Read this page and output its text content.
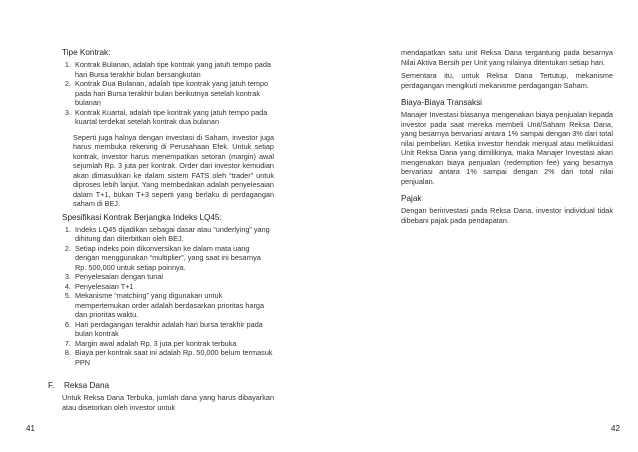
Tipe Kontrak:
1. Kontrak Bulanan, adalah tipe kontrak yang jatuh tempo pada hari Bursa terakhir bulan bersangkutan
2. Kontrak Dua Bulanan, adalah tipe kontrak yang jatuh tempo pada hari Bursa terakhir bulan berikutnya setelah kontrak bulanan
3. Kontrak Kuartal, adalah tipe kontrak yang jatuh tempo pada kuartal terdekat setelah kontrak dua bulanan
Seperti juga halnya dengan investasi di Saham, investor juga harus membuka rekening di Perusahaan Efek. Untuk setiap kontrak, investor harus menempatkan setoran (margin) awal sejumlah Rp. 3 juta per kontrak. Order dari investor kemudian akan dimasukkan ke dalam sistem FATS oleh “trader” untuk diproses lebih lanjut. Yang membedakan adalah penyelesaian dalam T+1, bukan T+3 seperti yang berlaku di perdagangan saham di BEJ.
Spesifikasi Kontrak Berjangka Indeks LQ45:
1. Indeks LQ45 dijadikan sebagai dasar atau “underlying” yang dihitung dan diterbitkan oleh BEJ.
2. Setiap indeks poin dikonversikan ke dalam mata uang dengan menggunakan “multiplier”, yang saat ini besarnya Rp. 500,000 untuk setiap poinnya.
3. Penyelesaian dengan tunai
4. Penyelesaian T+1
5. Mekanisme “matching” yang digunakan untuk mempertemukan order adalah berdasarkan prioritas harga dan prioritas waktu.
6. Hari perdagangan terakhir adalah hari bursa terakhir pada bulan kontrak
7. Margin awal adalah Rp. 3 juta per kontrak terbuka
8. Biaya per kontrak saat ini adalah Rp. 50,000 belum termasuk PPN
F.	Reksa Dana
Untuk Reksa Dana Terbuka, jumlah dana yang harus dibayarkan atau disetorkan oleh investor untuk
41
mendapatkan satu unit Reksa Dana tergantung pada besarnya Nilai Aktiva Bersih per Unit yang nilainya ditentukan setiap hari.
Sementara itu, untuk Reksa Dana Tertutup, mekanisme perdagangan mengikuti mekanisme perdagangan Saham.
Biaya-Biaya Transaksi
Manajer Investasi biasanya mengenakan biaya penjualan kepada investor pada saat mereka membeli Unit/Saham Reksa Dana, yang besarnya bervariasi antara 1% sampai dengan 3% dari total nilai pembelian. Ketika investor hendak menjual atau melikuidasi Unit Reksa Dana yang dimilikinya, maka Manajer Investasi akan mengenakan biaya penjualan (redemption fee) yang besarnya bervariasi antara 1% sampai dengan 2% dari total nilai penjualan.
Pajak
Dengan berinvestasi pada Reksa Dana, investor individual tidak dibebani pajak pada pendapatan.
42
